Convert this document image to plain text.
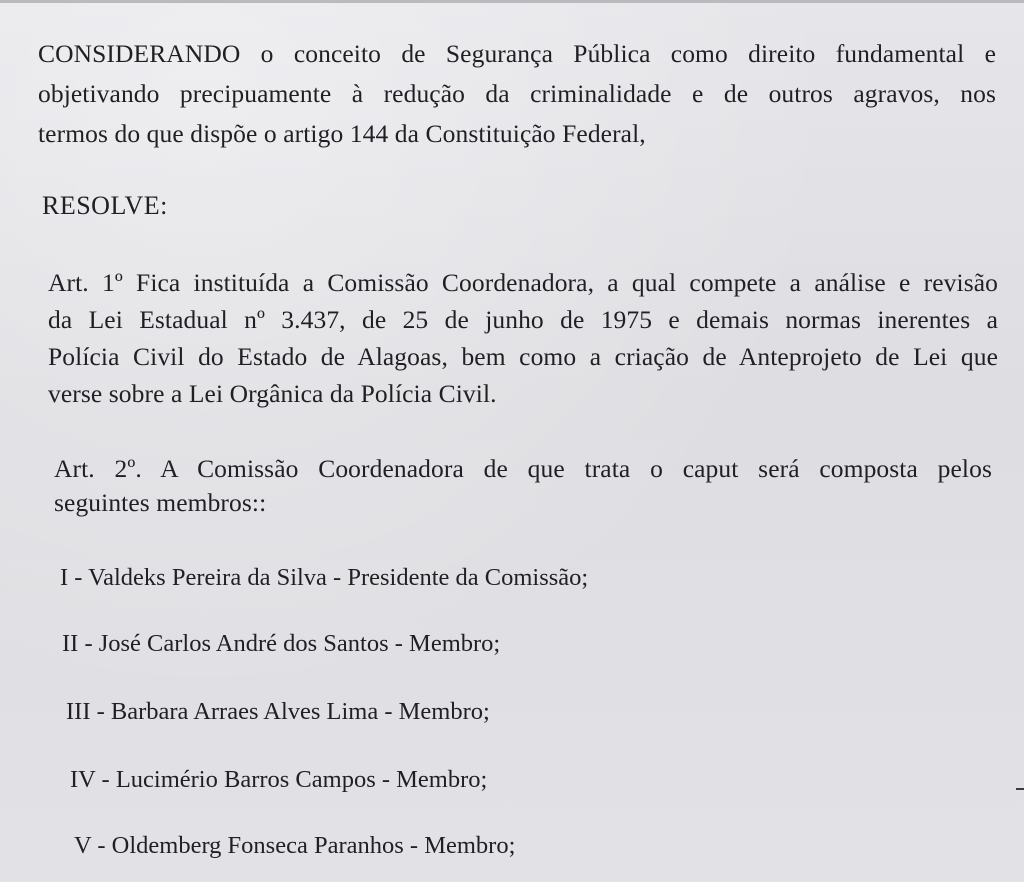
CONSIDERANDO o conceito de Segurança Pública como direito fundamental e
objetivando precipuamente à redução da criminalidade e de outros agravos, nos
termos do que dispõe o artigo 144 da Constituição Federal,
RESOLVE:
Art. 1º Fica instituída a Comissão Coordenadora, a qual compete a análise e revisão
da Lei Estadual nº 3.437, de 25 de junho de 1975 e demais normas inerentes a
Polícia Civil do Estado de Alagoas, bem como a criação de Anteprojeto de Lei que
verse sobre a Lei Orgânica da Polícia Civil.
Art. 2º. A Comissão Coordenadora de que trata o caput será composta pelos
seguintes membros::
I - Valdeks Pereira da Silva - Presidente da Comissão;
II - José Carlos André dos Santos - Membro;
III - Barbara Arraes Alves Lima - Membro;
IV - Lucimério Barros Campos - Membro;
V - Oldemberg Fonseca Paranhos - Membro;
